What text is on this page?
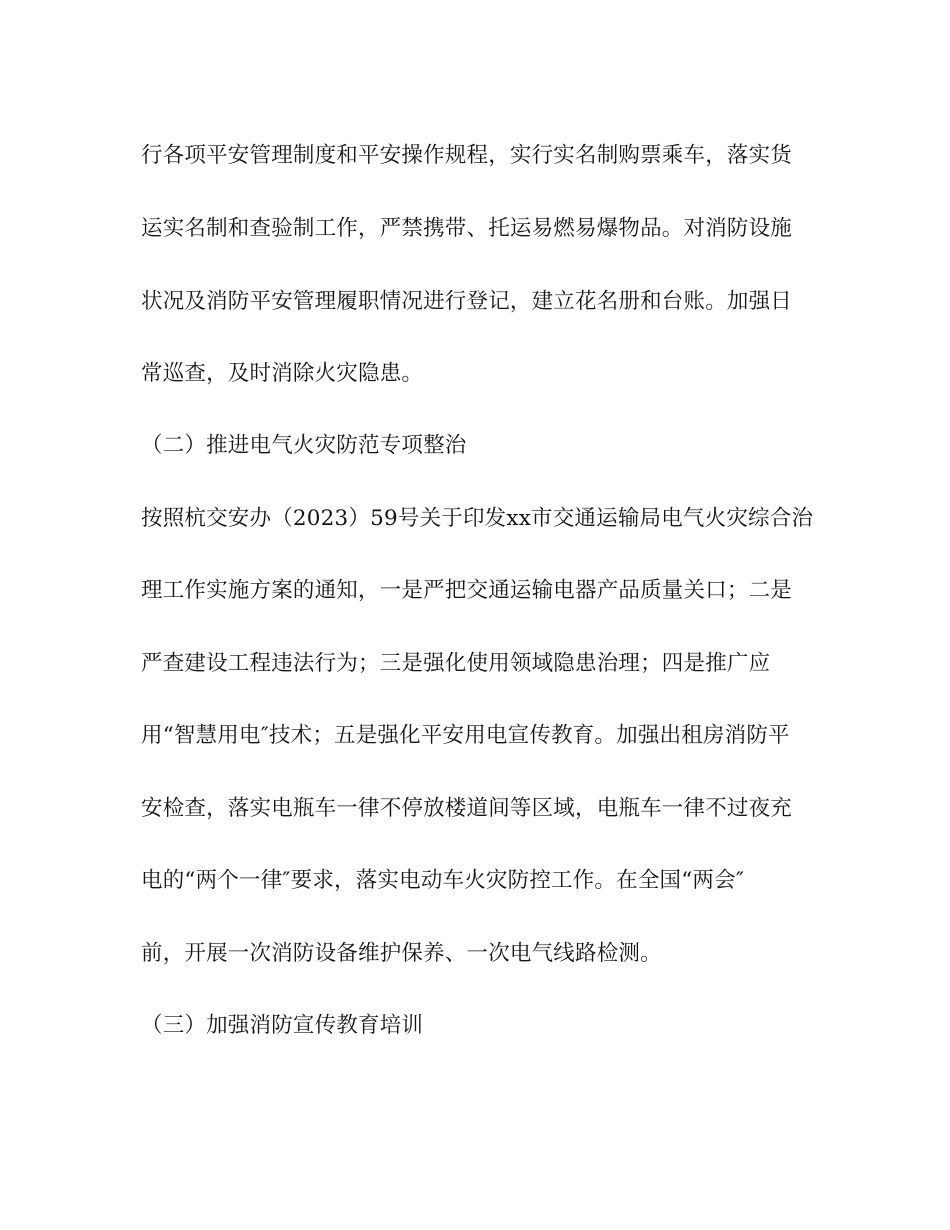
行各项平安管理制度和平安操作规程，实行实名制购票乘车，落实货

运实名制和查验制工作，严禁携带、托运易燃易爆物品。对消防设施

状况及消防平安管理履职情况进行登记，建立花名册和台账。加强日

常巡查，及时消除火灾隐患。

（二）推进电气火灾防范专项整治

按照杭交安办（2023）59号关于印发xx市交通运输局电气火灾综合治

理工作实施方案的通知，一是严把交通运输电器产品质量关口；二是

严查建设工程违法行为；三是强化使用领域隐患治理；四是推广应

用“智慧用电″技术；五是强化平安用电宣传教育。加强出租房消防平

安检查，落实电瓶车一律不停放楼道间等区域，电瓶车一律不过夜充

电的“两个一律″要求，落实电动车火灾防控工作。在全国“两会″

前，开展一次消防设备维护保养、一次电气线路检测。

（三）加强消防宣传教育培训
